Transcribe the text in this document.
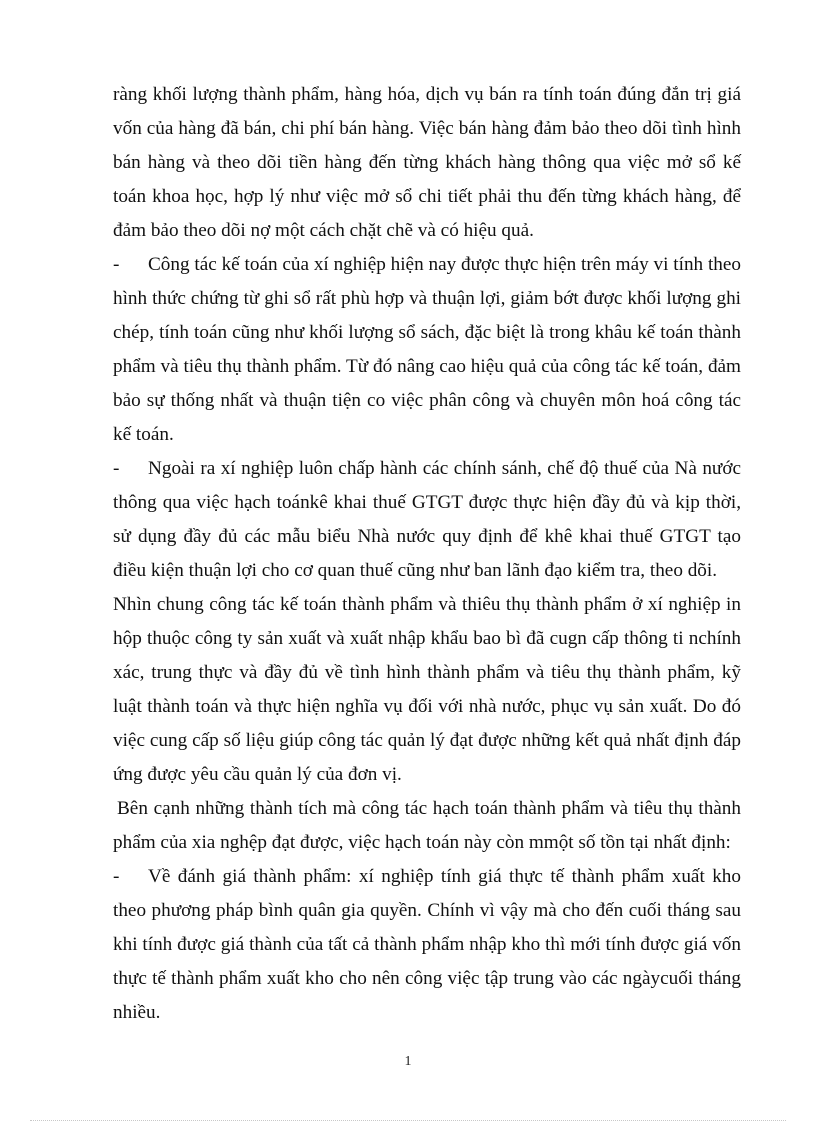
ràng khối lượng thành phẩm, hàng hóa, dịch vụ bán ra tính toán đúng đắn trị giá vốn của hàng đã bán, chi phí bán hàng. Việc bán hàng đảm bảo theo dõi tình hình bán hàng và theo dõi tiền hàng đến từng khách hàng thông qua việc mở sổ kế toán khoa học, hợp lý như việc mở sổ chi tiết phải thu đến từng khách hàng, để đảm bảo theo dõi nợ một cách chặt chẽ và có hiệu quả.

- Công tác kế toán của xí nghiệp hiện nay được thực hiện trên máy vi tính theo hình thức chứng từ ghi sổ rất phù hợp và thuận lợi, giảm bớt được khối lượng ghi chép, tính toán cũng như khối lượng sổ sách, đặc biệt là trong khâu kế toán thành phẩm và tiêu thụ thành phẩm. Từ đó nâng cao hiệu quả của công tác kế toán, đảm bảo sự thống nhất và thuận tiện co việc phân công và chuyên môn hoá công tác kế toán.

- Ngoài ra xí nghiệp luôn chấp hành các chính sánh, chế độ thuế của Nà nước thông qua việc hạch toánkê khai thuế GTGT được thực hiện đầy đủ và kịp thời, sử dụng đầy đủ các mẫu biểu Nhà nước quy định để khê khai thuế GTGT tạo điều kiện thuận lợi cho cơ quan thuế cũng như ban lãnh đạo kiểm tra, theo dõi.

Nhìn chung công tác kế toán thành phẩm và thiêu thụ thành phẩm ở xí nghiệp in hộp thuộc công ty sản xuất và xuất nhập khẩu bao bì đã cugn cấp thông ti nchính xác, trung thực và đầy đủ về tình hình thành phẩm và tiêu thụ thành phẩm, kỹ luật thành toán và thực hiện nghĩa vụ đối với nhà nước, phục vụ sản xuất. Do đó việc cung cấp số liệu giúp công tác quản lý đạt được những kết quả nhất định đáp ứng được yêu cầu quản lý của đơn vị.

Bên cạnh những thành tích mà công tác hạch toán thành phẩm và tiêu thụ thành phẩm của xia nghệp đạt được, việc hạch toán này còn mmột số tồn tại nhất định:

- Về đánh giá thành phẩm: xí nghiệp tính giá thực tế thành phẩm xuất kho theo phương pháp bình quân gia quyền. Chính vì vậy mà cho đến cuối tháng sau khi tính được giá thành của tất cả thành phẩm nhập kho thì mới tính được giá vốn thực tế thành phẩm xuất kho cho nên công việc tập trung vào các ngàycuối tháng nhiều.

1
